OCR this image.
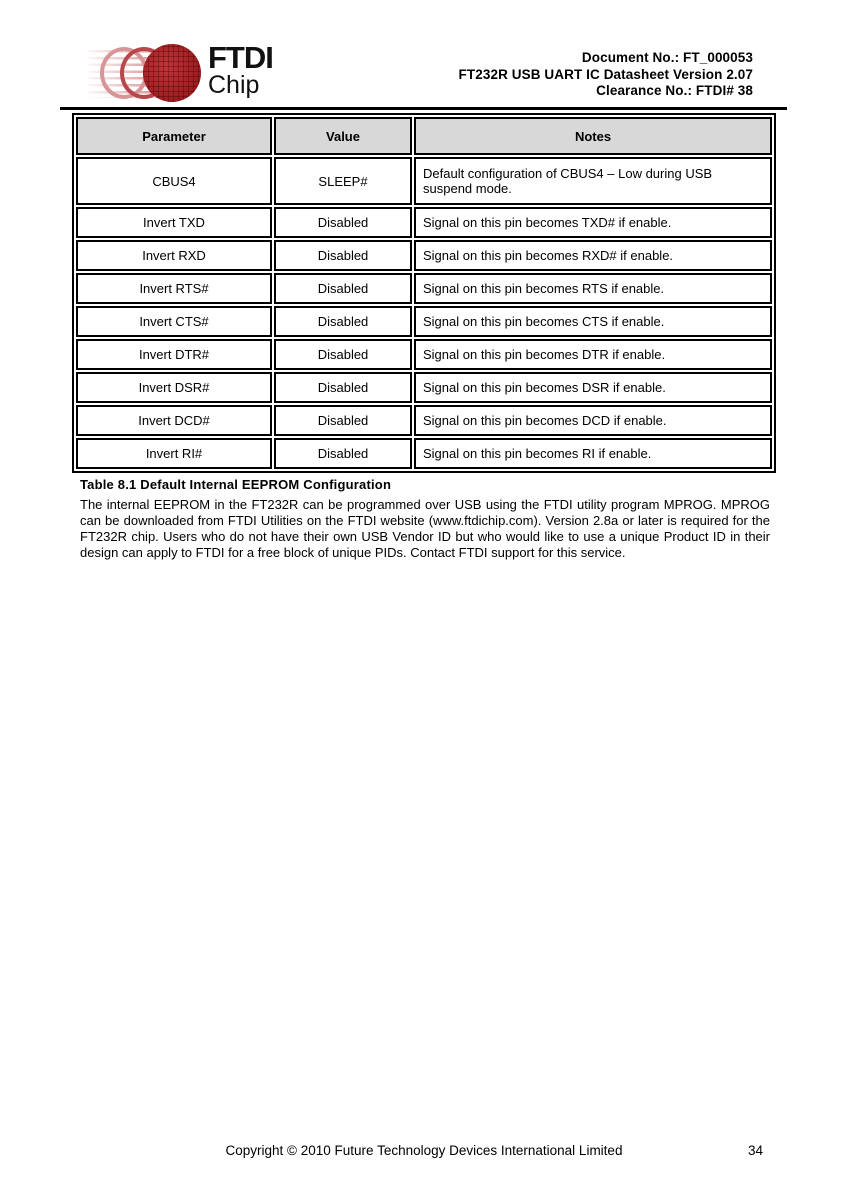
FTDI
Chip
Document No.: FT_000053
FT232R USB UART IC Datasheet Version 2.07
Clearance No.: FTDI# 38
Parameter	Value	Notes
CBUS4	SLEEP#	Default configuration of CBUS4 – Low during USB suspend mode.
Invert TXD	Disabled	Signal on this pin becomes TXD# if enable.
Invert RXD	Disabled	Signal on this pin becomes RXD# if enable.
Invert RTS#	Disabled	Signal on this pin becomes RTS if enable.
Invert CTS#	Disabled	Signal on this pin becomes CTS if enable.
Invert DTR#	Disabled	Signal on this pin becomes DTR if enable.
Invert DSR#	Disabled	Signal on this pin becomes DSR if enable.
Invert DCD#	Disabled	Signal on this pin becomes DCD if enable.
Invert RI#	Disabled	Signal on this pin becomes RI if enable.
Table 8.1 Default Internal EEPROM Configuration
The internal EEPROM in the FT232R can be programmed over USB using the FTDI utility program MPROG. MPROG can be downloaded from FTDI Utilities on the FTDI website (www.ftdichip.com). Version 2.8a or later is required for the FT232R chip. Users who do not have their own USB Vendor ID but who would like to use a unique Product ID in their design can apply to FTDI for a free block of unique PIDs. Contact FTDI support for this service.
Copyright © 2010 Future Technology Devices International Limited	34
